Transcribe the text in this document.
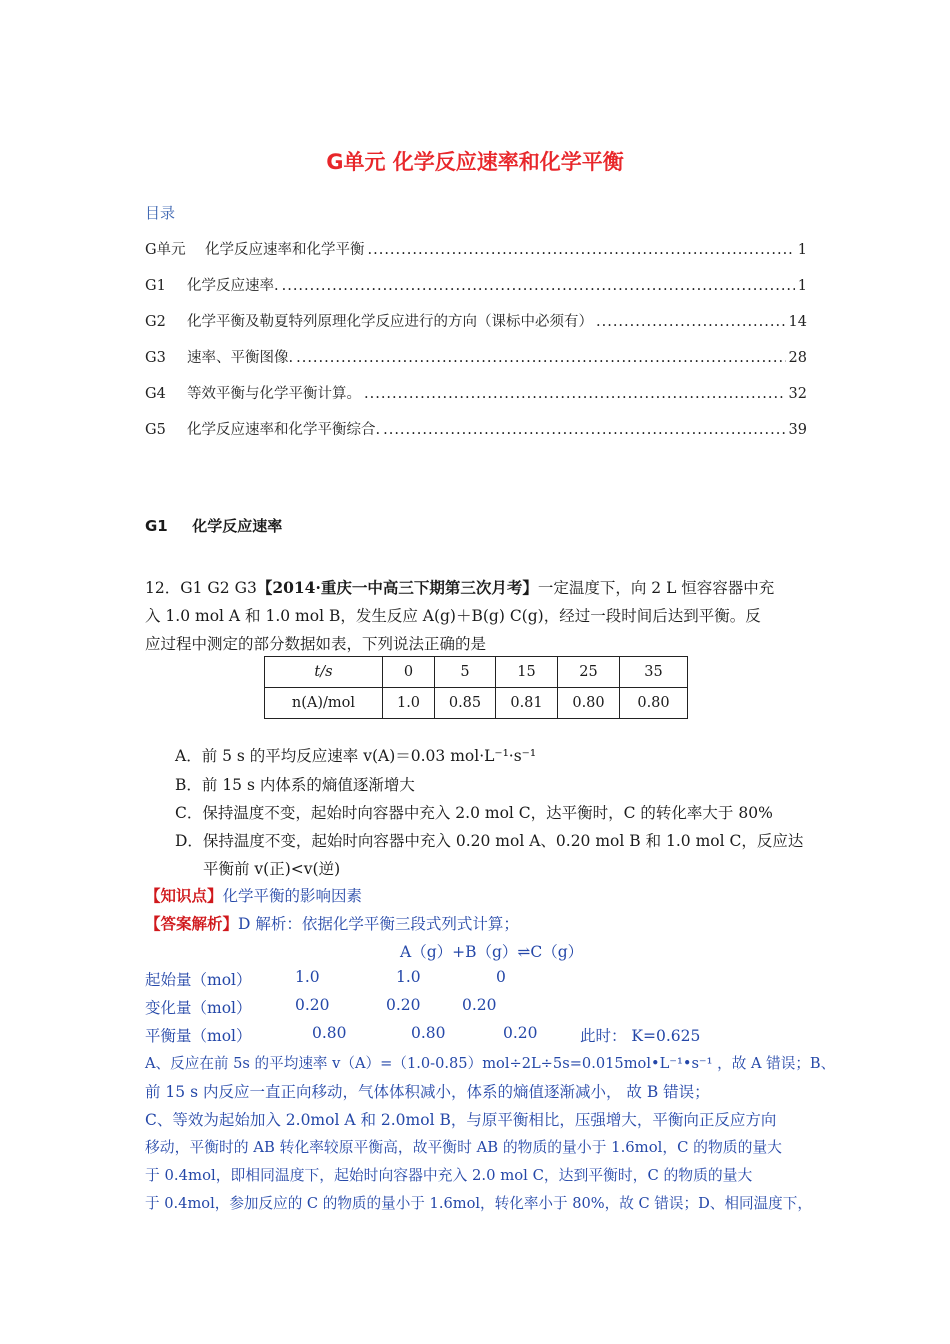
G单元 化学反应速率和化学平衡
目录
G单元	化学反应速率和化学平衡 .....	1
G1	化学反应速率. .....	1
G2	化学平衡及勒夏特列原理化学反应进行的方向（课标中必须有） .....	14
G3	速率、平衡图像. .....	28
G4	等效平衡与化学平衡计算。 .....	32
G5	化学反应速率和化学平衡综合. .....	39
G1 化学反应速率
12．G1 G2 G3【2014·重庆一中高三下期第三次月考】一定温度下，向 2 L 恒容容器中充
入 1.0 mol A 和 1.0 mol B，发生反应 A(g)＋B(g) C(g)，经过一段时间后达到平衡。反
应过程中测定的部分数据如表，下列说法正确的是
t/s	0	5	15	25	35
n(A)/mol	1.0	0.85	0.81	0.80	0.80
A．前 5 s 的平均反应速率 v(A)＝0.03 mol·L⁻¹·s⁻¹
B．前 15 s 内体系的熵值逐渐增大
C．保持温度不变，起始时向容器中充入 2.0 mol C，达平衡时，C 的转化率大于 80%
D．保持温度不变，起始时向容器中充入 0.20 mol A、0.20 mol B 和 1.0 mol C，反应达
平衡前 v(正)<v(逆)
【知识点】化学平衡的影响因素
【答案解析】D 解析：依据化学平衡三段式列式计算；
A（g）+B（g）⇌C（g）
起始量（mol）	1.0	1.0	0
变化量（mol）	0.20	0.20	0.20
平衡量（mol）	0.80	0.80	0.20	此时： K=0.625
A、反应在前 5s 的平均速率 v（A）=（1.0-0.85）mol÷2L÷5s=0.015mol•L⁻¹•s⁻¹ ，故 A 错误；B、
前 15 s 内反应一直正向移动，气体体积减小，体系的熵值逐渐减小， 故 B 错误；
C、等效为起始加入 2.0mol A 和 2.0mol B，与原平衡相比，压强增大，平衡向正反应方向
移动，平衡时的 AB 转化率较原平衡高，故平衡时 AB 的物质的量小于 1.6mol，C 的物质的量大
于 0.4mol，即相同温度下，起始时向容器中充入 2.0 mol C，达到平衡时，C 的物质的量大
于 0.4mol，参加反应的 C 的物质的量小于 1.6mol，转化率小于 80%，故 C 错误；D、相同温度下，
